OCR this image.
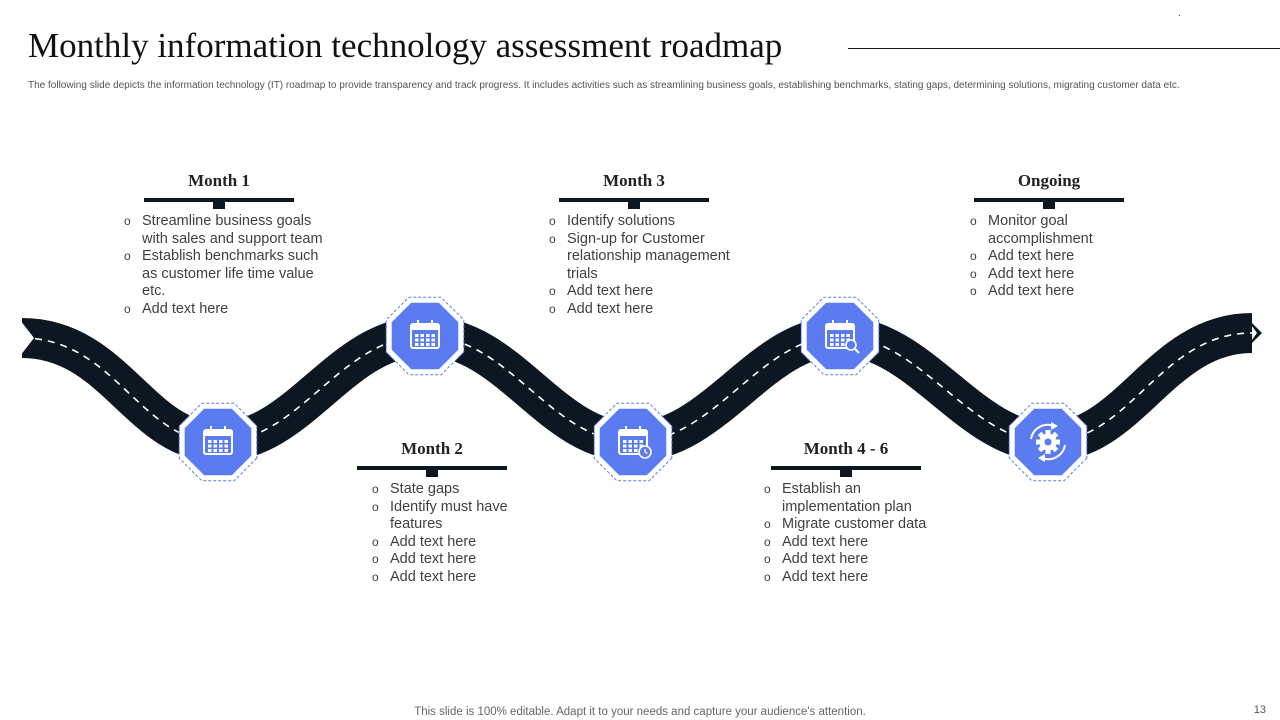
.
Monthly information technology assessment roadmap
The following slide depicts the information technology (IT) roadmap to provide transparency and track progress. It includes activities such as streamlining business goals, establishing benchmarks, stating gaps, determining solutions, migrating customer data etc.
Month 1
o Streamline business goals with sales and support team
o Establish benchmarks such as customer life time value etc.
o Add text here
Month 2
o State gaps
o Identify must have features
o Add text here
o Add text here
o Add text here
Month 3
o Identify solutions
o Sign-up for Customer relationship management trials
o Add text here
o Add text here
Month 4 - 6
o Establish an implementation plan
o Migrate customer data
o Add text here
o Add text here
o Add text here
Ongoing
o Monitor goal accomplishment
o Add text here
o Add text here
o Add text here
This slide is 100% editable. Adapt it to your needs and capture your audience's attention.	13
